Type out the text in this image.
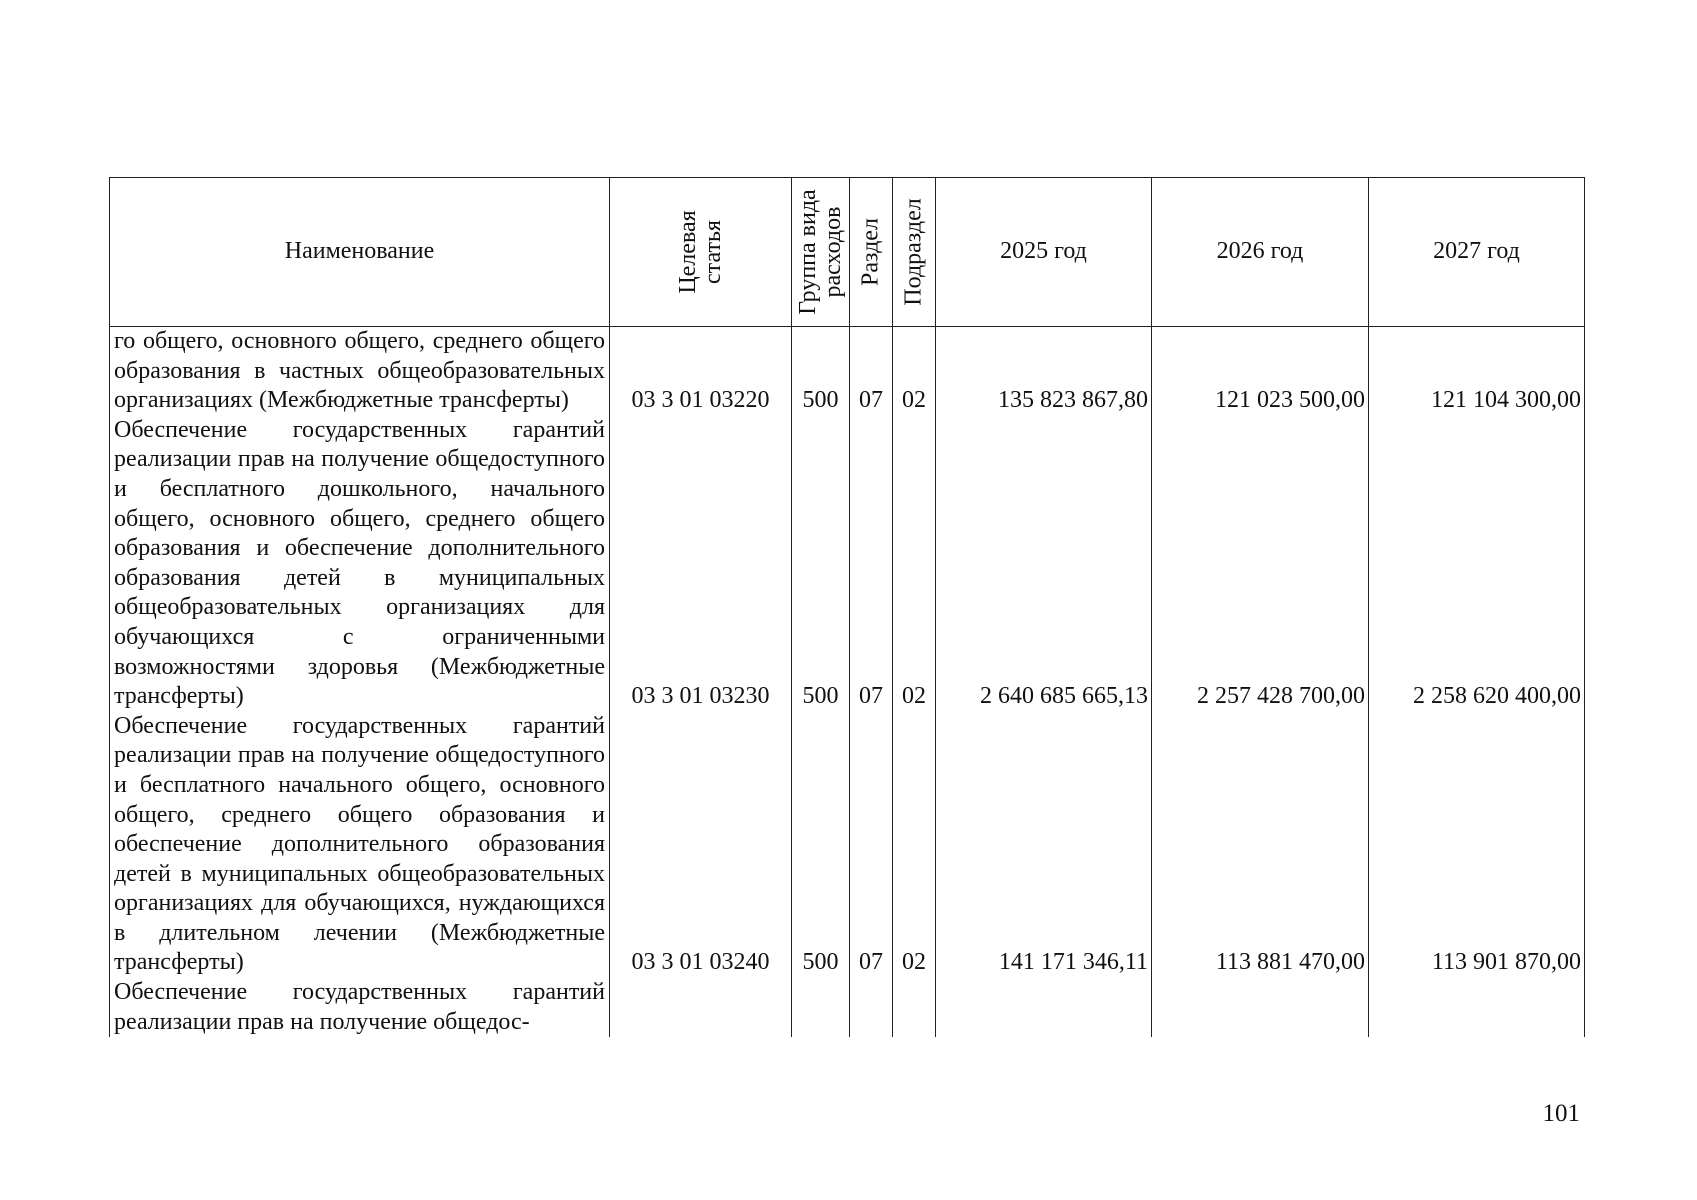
Наименование	Целевая статья	Группа вида расходов	Раздел	Подраздел	2025 год	2026 год	2027 год
го общего, основного общего, среднего общего образования в частных общеобразовательных организациях (Межбюджетные трансферты)	03 3 01 03220	500	07	02	135 823 867,80	121 023 500,00	121 104 300,00
Обеспечение государственных гарантий реализации прав на получение общедоступного и бесплатного дошкольного, начального общего, основного общего, среднего общего образования и обеспечение дополнительного образования детей в муниципальных общеобразовательных организациях для обучающихся с ограниченными возможностями здоровья (Межбюджетные трансферты)	03 3 01 03230	500	07	02	2 640 685 665,13	2 257 428 700,00	2 258 620 400,00
Обеспечение государственных гарантий реализации прав на получение общедоступного и бесплатного начального общего, основного общего, среднего общего образования и обеспечение дополнительного образования детей в муниципальных общеобразовательных организациях для обучающихся, нуждающихся в длительном лечении (Межбюджетные трансферты)	03 3 01 03240	500	07	02	141 171 346,11	113 881 470,00	113 901 870,00
Обеспечение государственных гарантий реализации прав на получение общедос-							
101
